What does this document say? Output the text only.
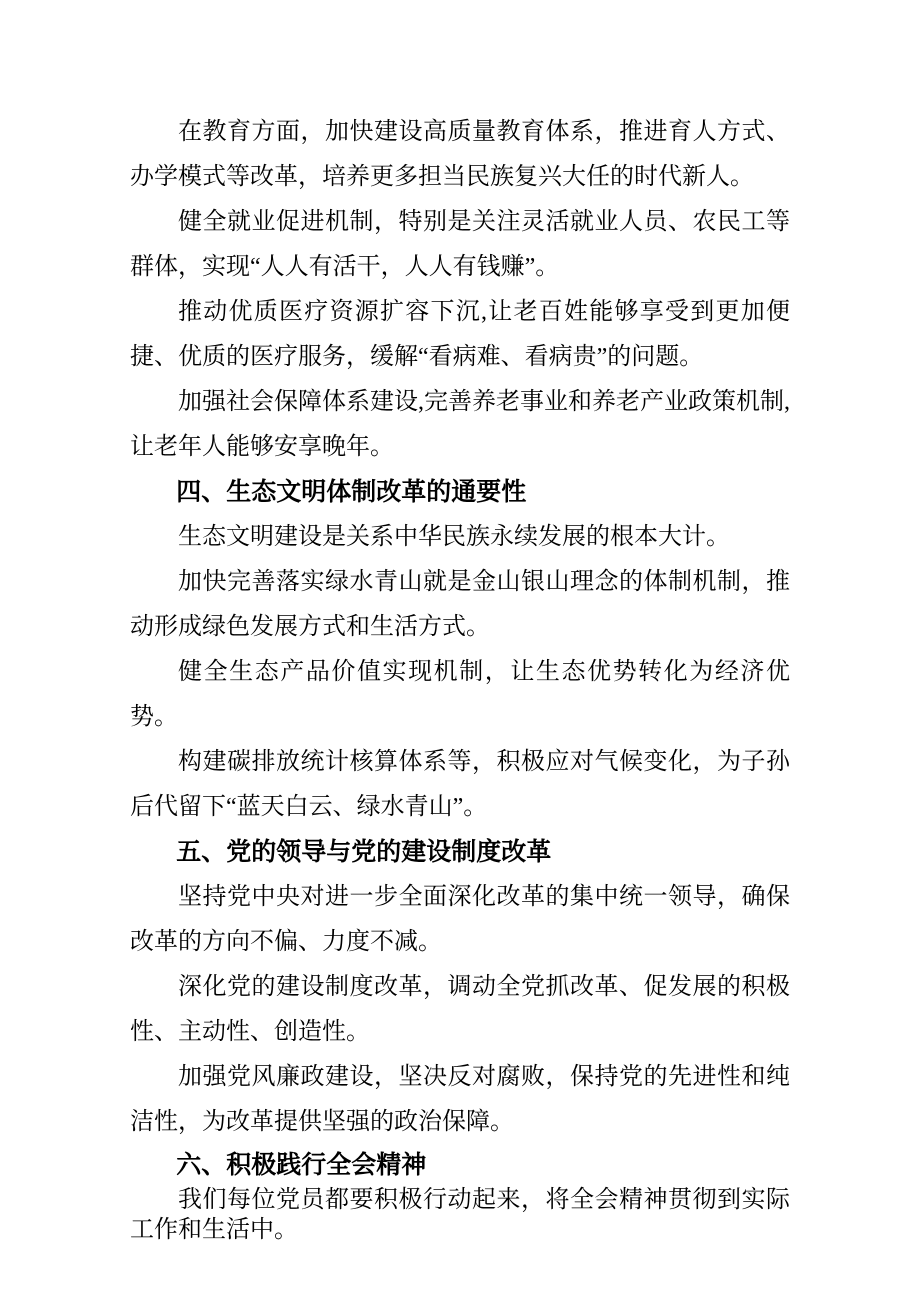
在教育方面，加快建设高质量教育体系，推进育人方式、办学模式等改革，培养更多担当民族复兴大任的时代新人。
健全就业促进机制，特别是关注灵活就业人员、农民工等群体，实现“人人有活干，人人有钱赚”。
推动优质医疗资源扩容下沉,让老百姓能够享受到更加便捷、优质的医疗服务，缓解“看病难、看病贵”的问题。
加强社会保障体系建设,完善养老事业和养老产业政策机制,让老年人能够安享晚年。
四、生态文明体制改革的通要性
生态文明建设是关系中华民族永续发展的根本大计。
加快完善落实绿水青山就是金山银山理念的体制机制，推动形成绿色发展方式和生活方式。
健全生态产品价值实现机制，让生态优势转化为经济优势。
构建碳排放统计核算体系等，积极应对气候变化，为子孙后代留下“蓝天白云、绿水青山”。
五、党的领导与党的建设制度改革
坚持党中央对进一步全面深化改革的集中统一领导，确保改革的方向不偏、力度不减。
深化党的建设制度改革，调动全党抓改革、促发展的积极性、主动性、创造性。
加强党风廉政建设，坚决反对腐败，保持党的先进性和纯洁性，为改革提供坚强的政治保障。
六、积极践行全会精神
我们每位党员都要积极行动起来，将全会精神贯彻到实际工作和生活中。
